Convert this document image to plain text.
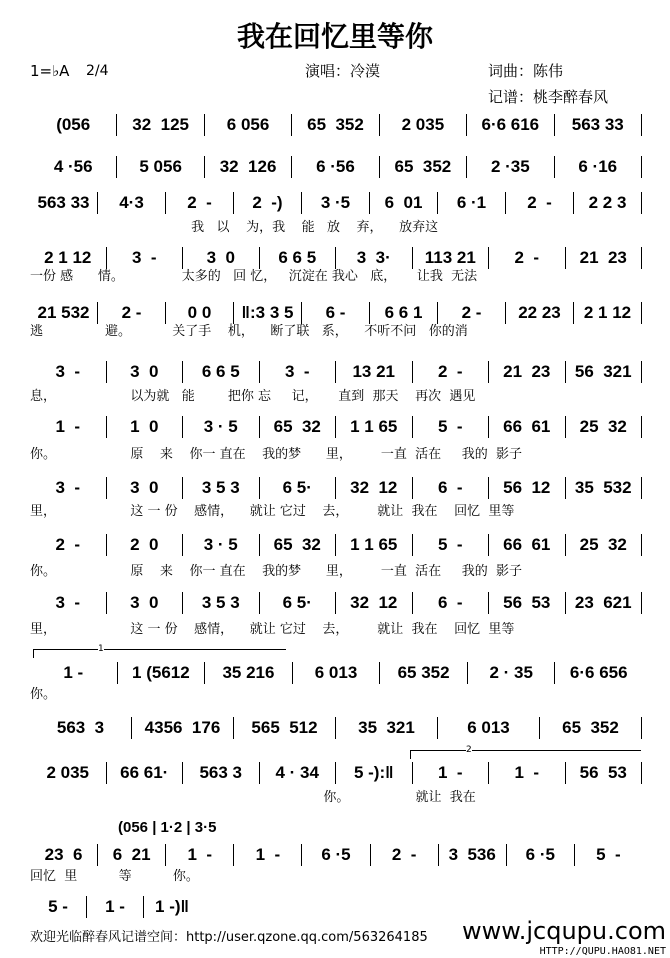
我在回忆里等你
1=♭A 2/4	演唱：冷漠	词曲：陈伟
记谱：桃李醉春风
(056	32  125	6 056	65  352	2 035	6·6 616	563 33
4 ·56	5 056	32  126	6 ·56	65  352	2 ·35	6 ·16
563 33	4·3	2  -	2  -)	3 ·5	6  01	6 ·1	2  -	2 2 3
我   以    为，我    能   放    弃，    放弃这
2 1 12	3  -	3  0	6 6 5	3  3·	113 21	2  -	21  23
一份 感      情。              太多的   回 忆，   沉淀在 我心   底，     让我  无法
21 532	2 -	0 0	‖:3 3 5	6 -	6 6 1	2 -	22 23	2 1 12
逃               避。          关了手    机，    断了联   系，    不听不问   你的消
3  -	3  0	6 6 5	3  -	13 21	2  -	21  23	56  321
息，                  以为就   能        把你 忘     记，     直到  那天    再次  遇见
1  -	1  0	3 · 5	65  32	1 1 65	5  -	66  61	25  32
你。                  原    来    你一 直在    我的梦      里，       一直  活在     我的  影子
3  -	3  0	3 5 3	6 5·	32  12	6  -	56  12	35  532
里，                  这 一 份    感情，    就让 它过    去，       就让  我在    回忆  里等
2  -	2  0	3 · 5	65  32	1 1 65	5  -	66  61	25  32
你。                  原    来    你一 直在    我的梦      里，       一直  活在     我的  影子
3  -	3  0	3 5 3	6 5·	32  12	6  -	56  53	23  621
里，                  这 一 份    感情，    就让 它过    去，       就让  我在    回忆  里等
1 -	1 (5612	35 216	6 013	65 352	2 · 35	6·6 656
你。
563  3	4356  176	565  512	35  321	6 013	65  352
2 035	66 61·	563 3	4 · 34	5 -):‖	1  -	1  -	56  53
你。                就让  我在
23  6	6  21	1  -	1  -	6 ·5	2  -	3  536	6 ·5	5  -
回忆  里          等          你。
(056 | 1·2 | 3·5
5 -	1 -	1 -)‖
1
2
欢迎光临醉春风记谱空间：http://user.qzone.qq.com/563264185 www.jcqupu.com
HTTP://QUPU.HAO81.NET
